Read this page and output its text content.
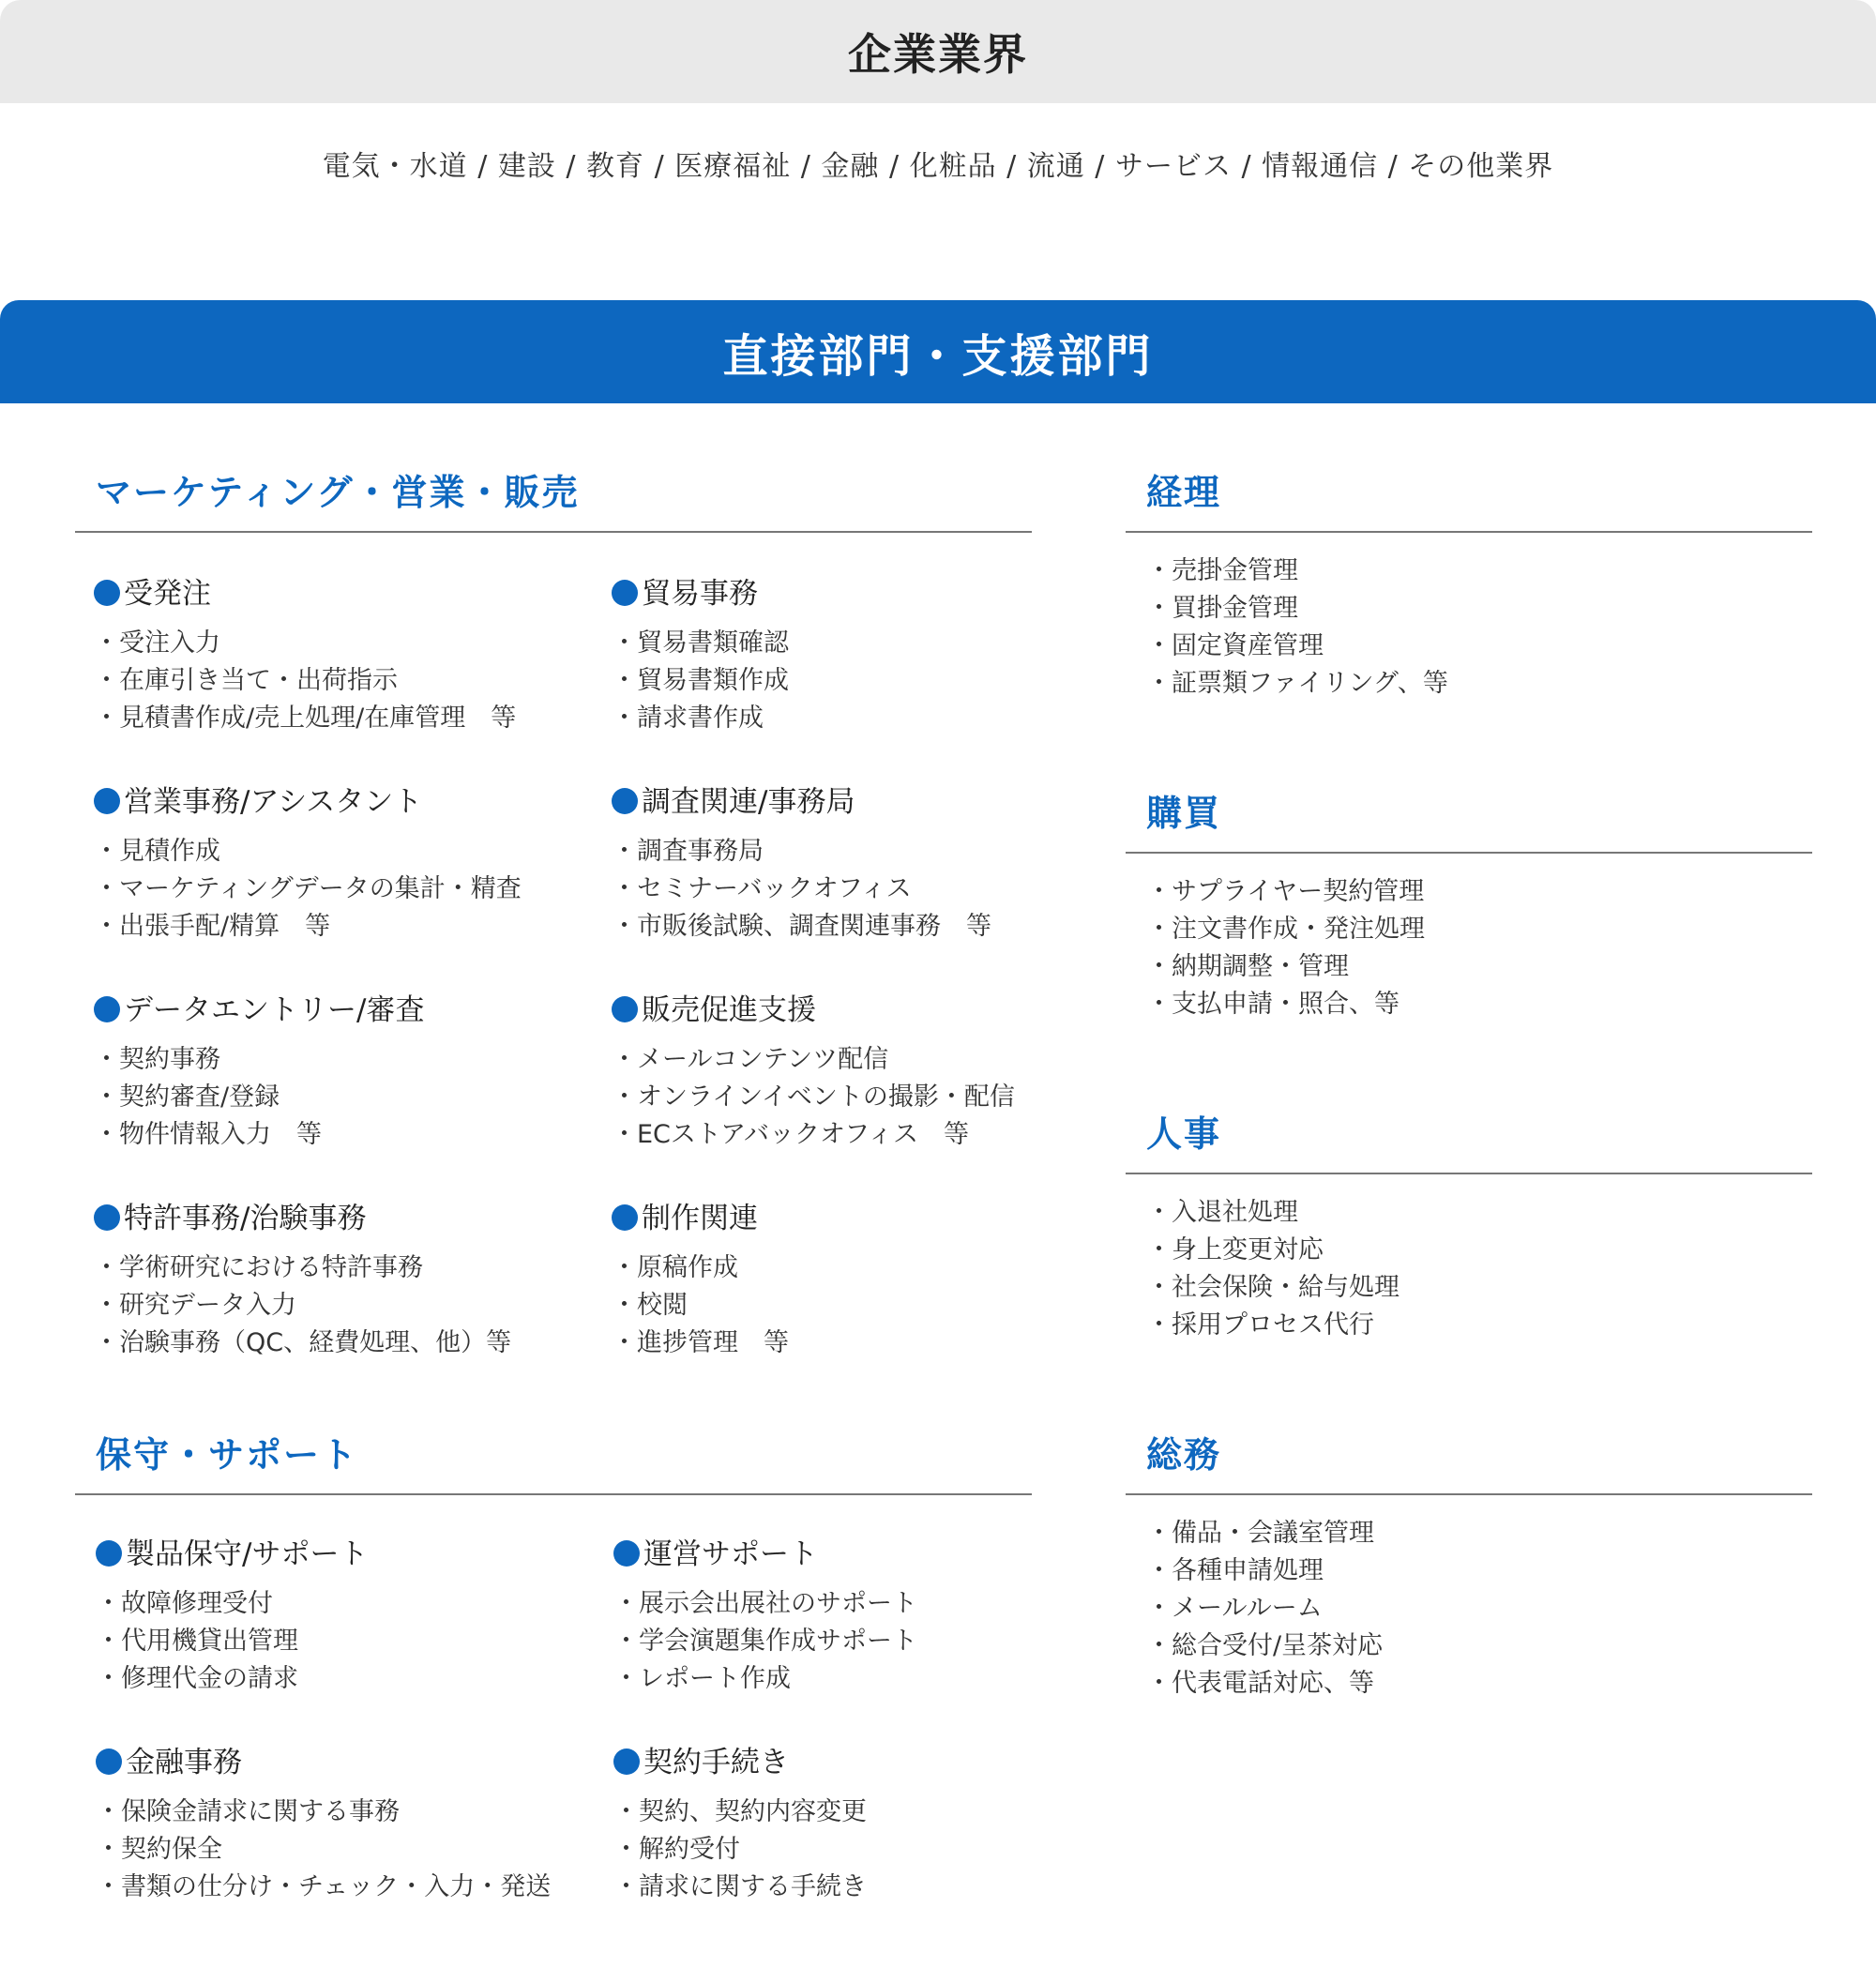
企業業界
電気・水道 / 建設 / 教育 / 医療福祉 / 金融 / 化粧品 / 流通 / サービス / 情報通信 / その他業界
直接部門・支援部門
マーケティング・営業・販売
受発注
・受注入力
・在庫引き当て・出荷指示
・見積書作成/売上処理/在庫管理　等
貿易事務
・貿易書類確認
・貿易書類作成
・請求書作成
営業事務/アシスタント
・見積作成
・マーケティングデータの集計・精査
・出張手配/精算　等
調査関連/事務局
・調査事務局
・セミナーバックオフィス
・市販後試験、調査関連事務　等
データエントリー/審査
・契約事務
・契約審査/登録
・物件情報入力　等
販売促進支援
・メールコンテンツ配信
・オンラインイベントの撮影・配信
・ECストアバックオフィス　等
特許事務/治験事務
・学術研究における特許事務
・研究データ入力
・治験事務（QC、経費処理、他）等
制作関連
・原稿作成
・校閲
・進捗管理　等
保守・サポート
製品保守/サポート
・故障修理受付
・代用機貸出管理
・修理代金の請求
運営サポート
・展示会出展社のサポート
・学会演題集作成サポート
・レポート作成
金融事務
・保険金請求に関する事務
・契約保全
・書類の仕分け・チェック・入力・発送
契約手続き
・契約、契約内容変更
・解約受付
・請求に関する手続き
経理
・売掛金管理
・買掛金管理
・固定資産管理
・証票類ファイリング、等
購買
・サプライヤー契約管理
・注文書作成・発注処理
・納期調整・管理
・支払申請・照合、等
人事
・入退社処理
・身上変更対応
・社会保険・給与処理
・採用プロセス代行
総務
・備品・会議室管理
・各種申請処理
・メールルーム
・総合受付/呈茶対応
・代表電話対応、等
